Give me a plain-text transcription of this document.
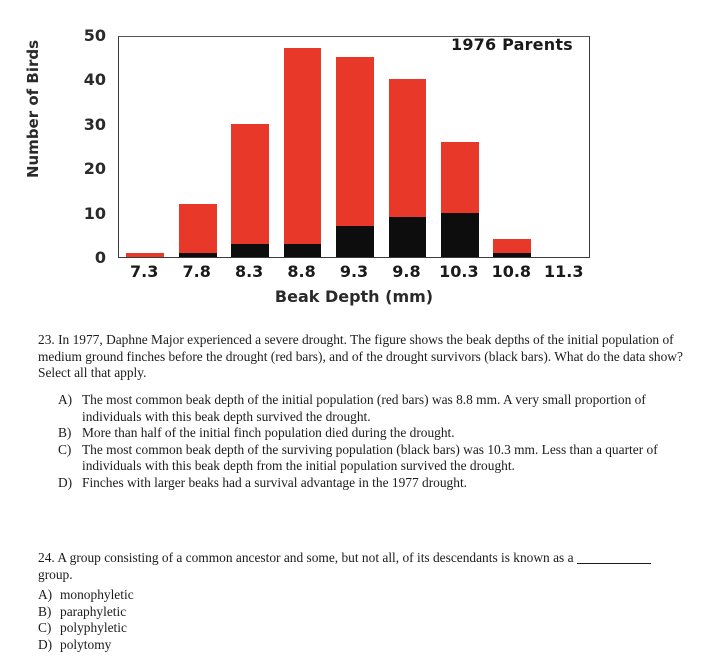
Number of Birds
0
10
20
30
40
50	1976 Parents
7.3	7.8	8.3	8.8	9.3	9.8	10.3 10.8 11.3
Beak Depth (mm)
23. In 1977, Daphne Major experienced a severe drought. The figure shows the beak depths of the initial population of medium ground finches before the drought (red bars), and of the drought survivors (black bars). What do the data show? Select all that apply.
A) The most common beak depth of the initial population (red bars) was 8.8 mm. A very small proportion of individuals with this beak depth survived the drought.
B) More than half of the initial finch population died during the drought.
C) The most common beak depth of the surviving population (black bars) was 10.3 mm. Less than a quarter of individuals with this beak depth from the initial population survived the drought.
D) Finches with larger beaks had a survival advantage in the 1977 drought.
24. A group consisting of a common ancestor and some, but not all, of its descendants is known as a  group.
A) monophyletic
B) paraphyletic
C) polyphyletic
D) polytomy
